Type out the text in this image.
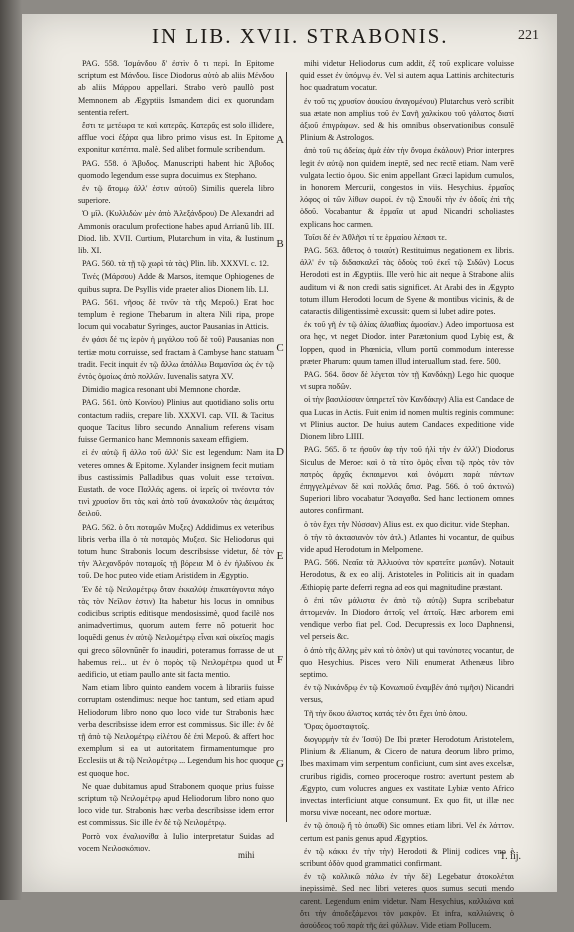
IN LIB. XVII. STRABONIS.	221

PAG. 558. Ἰσμάνδου δ' ἐστὶν ὅ τι περὶ. In Epitome scriptum est Μάνδου. Iisce Diodorus αὐτὸ ab aliis Μένδου ab aliis Μάρρου appellari. Strabo verò paullò post Memnonem ab Ægyptiis Ismandem dici ex quorundam sententia refert.

ἔστι τε μετέωρα τε καὶ κατερᾶς. Κατερᾶς est solo illidere, afflue voci ἐξάρα qua libro primo visus est. In Epitome exponitur κατέπτα. malè. Sed alibet formule scribendum.

PAG. 558. ὁ Ἀβυδος. Manuscripti habent hic Ἀβυδος quomodo legendum esse supra docuimus ex Stephano.

ἐν τῷ ἄτομῳ ἀλλ' ἐστιν αὐτοῦ) Similis querela libro superiore.

Ὁ μῖλ. (Κυλλιδὼν μὲν ἀπὸ Ἀλεξάνδρου) De Alexandri ad Ammonis oraculum profectione habes apud Arrianū lib. III. Diod. lib. XVII. Curtium, Plutarchum in vita, & Iustinum lib. XI.

PAG. 560. τὰ τῇ τῷ χωρὶ τὰ τὰς) Plin. lib. XXXVI. c. 12.

Τινές (Μάρσου) Adde & Marsos, itemque Ophiogenes de quibus supra. De Psyllis vide praeter alios Dionem lib. LI.

PAG. 561. νῆσος δὲ τινῦν τὰ τῆς Μεροῦ.) Erat hoc templum è regione Thebarum in altera Nili ripa, prope locum qui vocabatur Syringes, auctor Pausanias in Atticis.

ἐν φάσι δέ τις ἱερὸν ἡ μιγάλου τοῦ δὲ τοῦ) Pausanias non tertiæ motu corruisse, sed fractam à Cambyse hanc statuam tradit. Fecit inquit ἐν τῷ ἄλλω ἀπάλλω Βαμανῖσα ὡς ἐν τῷ ἐντὸς ὁμοίως ἀπὸ πολλῶν. Iuvenalis satyra XV.

Dimidio magica resonant ubi Memnone chordæ.

PAG. 561. ὑπὸ Κοινίου) Plinius aut quotidiano solis ortu contactum radiis, crepare lib. XXXVI. cap. VII. & Tacitus quoque Tacitus libro secundo Annalium referens visam fuisse Germanico hanc Memnonis saxeam effigiem.

εἰ ἐν αὐτῷ ἢ ἀλλο τοῦ ἀλλ' Sic est legendum: Nam ita veteres omnes & Epitome. Xylander insignem fecit mutiam ibus castissimis Palladibus quas voluit esse τεταίναι. Eustath. de voce Παλλάς agens. οἱ ἱερεῖς οἱ τινέοντα τόν τινὶ χρυσίον ὅτι τὰς καὶ ἀπὸ τοῦ ἀνακαλοῦν τὰς ἀειμάτας δειλοῦ.

PAG. 562. ὁ ὅτι ποταμῶν Μυξες) Addidimus ex veteribus libris verba illa ὁ τὰ ποταμὸς Μυξεσ. Sic Heliodorus qui totum hunc Strabonis locum describsisse videtur, δὲ τὸν τὴν Ἀλεχανδρόν ποταμοῖς τῇ βόρεια Μ ὁ ἐν ἡλιδίνου ἐκ τοῦ. De hoc puteo vide etiam Aristidem in Ægyptio.

Ἐν δὲ τῷ Νειλομέτρῳ ὅταν ἐκκαλύψ ἐπικατάγοντα πάγο τὰς τὸν Νεῖλον ἐστιν) Ita habetur his locus in omnibus codicibus scriptis editisque mendosissimè, quod facilè nos animadvertimus, quorum autem ferre nō potuerit hoc loquēdi genus ἐν αὐτῷ Νειλομέτρῳ εἶναι καὶ οἰκεῖος magis qui greco sōlovnūnēr fo inaudiri, poteramus forrasse de ut habemus rei... ut ἐν ὁ πορὸς τῷ Νειλομέτρω quod ut aedificio, ut etiam paullo ante sit facta mentio.

Nam etiam libro quinto eandem vocem à librariis fuisse corruptam ostendimus: neque hoc tantum, sed etiam apud Heliodorum libro nono quo loco vide tur Strabonis hæc verba describsisse idem error est commissus. Sic ille: ἐν δὲ τῇ ἀπὸ τῷ Νειλομέτρῳ εἰλέτου δὲ ἐπὶ Μεροῦ. & affert hoc exemplum si ea ut autoritatem firmamentumque pro Ecclesiis ut & τῷ Νειλομέτρῳ ... Legendum his hoc quoque est quoque hoc.

Ne quae dubitamus apud Strabonem quoque prius fuisse scriptum τῷ Νειλομέτρῳ apud Heliodorum libro nono quo loco vide tur. Strabonis hæc verba describsisse idem error est commissus. Sic ille ἐν δὲ τῷ Νειλομέτρῳ.

Porrò vox ἐναλιονίθα à Iulio interpretatur Suidas ad vocem Νειλοσκόπιον.

A
B
C
D
E
F
G

mihi videtur Heliodorus cum addit, ἐξ τοῦ explicare voluisse quid esset ἐν ὑπόμνῳ ἐν. Vel si autem aqua Lattinis architecturis hoc quadratum vocatur.

ἐν τοῦ τις χρυσίον ἀοικίου ἀναγομένου) Plutarchus verò scribit sua ætate non amplius τοῦ ἐν Σανῆ χαλκίκου τοῦ γάλατος διατί ἀξιοῦ ἐπιγράφων. sed & his omnibus observationibus consulē Plinium & Astrologos.

ἀπὸ τοῦ τις ἀδείας ἁμὰ ἐὰν τὴν ὄνομα ἐκάλουν) Prior interpres legit ἐν αὐτῷ non quidem ineptē, sed nec rectē etiam. Nam verē vulgata lectio ὁμου. Sic enim appellant Græci lapidum cumulos, in honorem Mercurii, congestos in viis. Hesychius. ἑρμαῖος λόφος οἱ τῶν λίθων σωροί. ἐν τῷ Σπουδί τὴν ἐν ὁδοῖς ἐπὶ τῆς ὁδοῦ. Vocabantur & ἑρμαῖα ut apud Nicandri scholiastes explicans hoc carmen.

Τοῖσι δέ ἐν Ἀθλῆσι τί τε ἑρμαίου λέπασι τε.

PAG. 563. ἄθετος ὁ τοιαύτ) Restituimus negationem ex libris. ἀλλ' ἐν τῷ διδασκαλεῖ τὰς ὁδοὺς τοῦ ἐκεῖ τῷ Σιδῶν) Locus Herodoti est in Ægyptiis. Ille verò hic ait neque à Strabone aliis auditum vi & non credi satis significet. At Arabi des in Ægypto totum illum Herodoti locum de Syene & montibus vicinis, & de cataractis diligentissimè excussit: quem si lubet adire potes.

ἐκ τοῦ γῆ ἐν τῷ ἀλίας ἀλιαθίας ἀμοσίαν.) Adeo importuosa est ora hęc, vt neget Diodor. inter Parætonium quod Lybię est, & Ioppen, quod in Phœnicia, vllum portū commodum interesse præter Pharum: quum tamen illud interuallum stad. fere. 500.

PAG. 564. ὅσον δὲ λέγεται τὸν τῇ Κανδάκῃ) Lego hic quoque vt supra ποδῶν.

οἱ τὴν βασιλίσσαν ὑπηρετεῖ τὸν Κανδάκην) Alia est Candace de qua Lucas in Actis. Fuit enim id nomen multis reginis commune: vt Plinius auctor. De huius autem Candaces expeditione vide Dionem libro LIIII.

PAG. 565. ὅ τε ἠσοῦν ἀφ τὴν τοῦ ἠλὶ τὴν ἐν ἀλλ') Diodorus Siculus de Meroe: καὶ ὁ τὰ τίτο ὁμὸς εἶναι τῷ πρὸς τὸν τὸν πατρὸς ἀρχᾶς ἐκπαιμενοι καὶ ὀνόματι παρὰ πάντων ἐπηγγελμένων δὲ καὶ πολλᾶς ὄπισ. Pag. 566. ὁ τοῦ ἀκτινώ) Superiori libro vocabatur Ἄσαγαθα. Sed hanc lectionem omnes autores confirmant.

ὁ τὸν ἔχει τὴν Νύσσαν) Alius est. ex quo dicitur. vide Stephan.

ὁ τὴν τὸ ἀκτασιανὸν τὸν ἀτλ.) Atlantes hi vocantur, de quibus vide apud Herodotum in Melpomene.

PAG. 566. Νεαῖα τὰ Ἀλλιούνα τὸν κρατεῖτε μωπῶν). Notauit Herodotus, & ex eo alij. Aristoteles in Politicis ait in quadam Æthiopię parte deferri regna ad eos qui magnitudine præstant.

ὁ ἐπὶ τῶν μάλιστα ἐν ἀπὸ τῷ αὐτῷ) Supra scribebatur ἀττομενάν. In Diodoro ἀττοῖς vel ἀττοῖς. Hæc arborem emi vendique verbo fiat pel. Cod. Decupressis ex loco Daphnensi, vel perseis &c.

ὁ ἀπὸ τῆς ἄλλης μὲν καὶ τὸ ὁπὸν) ut qui τανύποτες vocantur, de quo Hesychius. Pisces vero Nili enumerat Athenæus libro septimo.

ἐν τῷ Νικάνδρῳ ἐν τῷ Κονωπιοῦ ἐναμβέν ἀπό τιμῆσι) Nicandri versus,

Τῆ τὴν ὅκου ἀλιστος κατάς τὲν ὅτι ἔχει ὑπὸ ὁπου.

Ὅρας ὁμοσταφτοῖς.

διογυρμὴν τὰ ἐν Ἰσσύ) De Ibi præter Herodotum Aristotelem, Plinium & Ælianum, & Cicero de natura deorum libro primo, Ibes maximam vim serpentum conficiunt, cum sint aves excelsæ, cruribus rigidis, corneo proceroque rostro: avertunt pestem ab Ægypto, cum volucres angues ex vastitate Lybiæ vento Africo invectas interficiunt atque consumunt. Ex quo fit, ut illæ nec morsu vivæ noceant, nec odore mortuæ.

ἐν τῷ ὁποιῷ ἢ τὸ ὀπωθὶ) Sic omnes etiam libri. Vel ἐκ λάττον. certum est panis genus apud Ægyptios.

ἐν τῷ κάκκι ἐν τὴν τὴν) Herodoti & Plinij codices vno è scribunt ὁδὸν quod grammatici confirmant.

ἐν τῷ κολλικῶ πάλω ἐν τὴν δὲ) Legebatur ἀτοκολέται inepissimè. Sed nec libri veteres quos sumus secuti mendo carent. Legendum enim videtur. Nam Hesychius, καλλιώνα καὶ ὅτι τὴν ἀποδεξάμενοι τὸν μακρὸν. Et infra, καλλιώνεις ὁ ἀσούδεος τοῦ παρὰ τῆς ἀεὶ φύλλων. Vide etiam Pollucem.

mihi	T. iij.
